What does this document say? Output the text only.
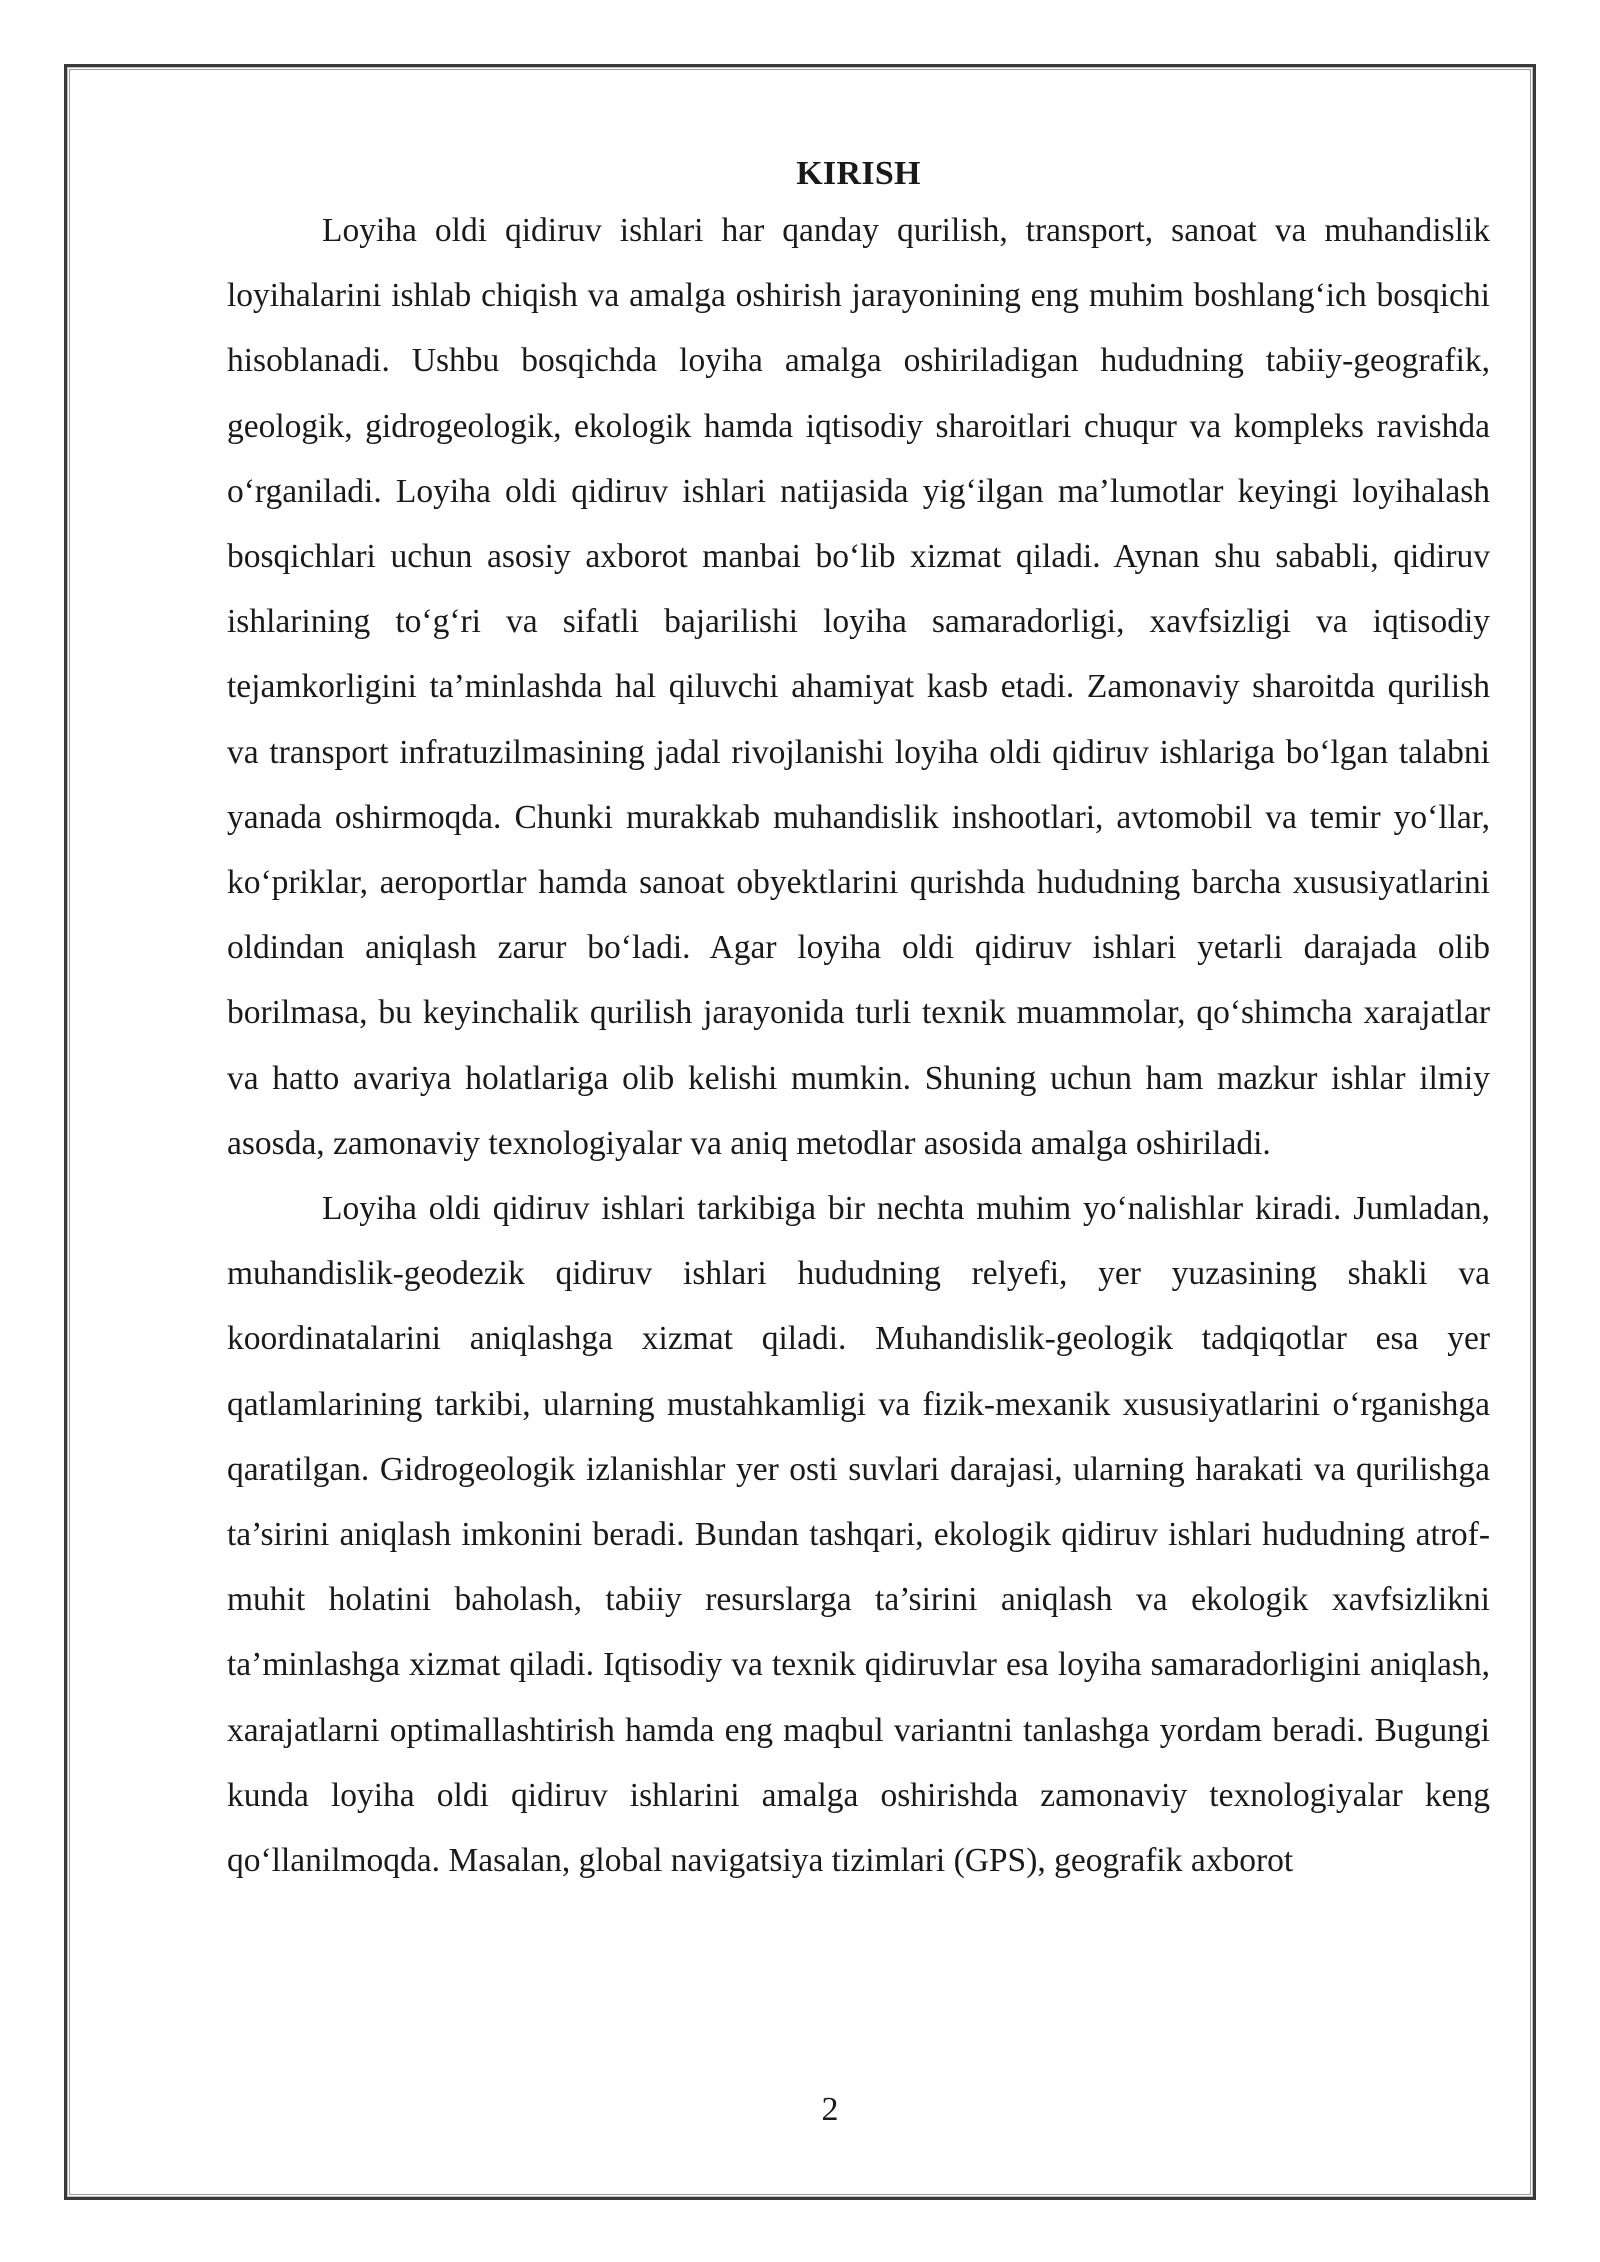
KIRISH

Loyiha oldi qidiruv ishlari har qanday qurilish, transport, sanoat va muhandislik loyihalarini ishlab chiqish va amalga oshirish jarayonining eng muhim boshlang‘ich bosqichi hisoblanadi. Ushbu bosqichda loyiha amalga oshiriladigan hududning tabiiy-geografik, geologik, gidrogeologik, ekologik hamda iqtisodiy sharoitlari chuqur va kompleks ravishda o‘rganiladi. Loyiha oldi qidiruv ishlari natijasida yig‘ilgan ma’lumotlar keyingi loyihalash bosqichlari uchun asosiy axborot manbai bo‘lib xizmat qiladi. Aynan shu sababli, qidiruv ishlarining to‘g‘ri va sifatli bajarilishi loyiha samaradorligi, xavfsizligi va iqtisodiy tejamkorligini ta’minlashda hal qiluvchi ahamiyat kasb etadi. Zamonaviy sharoitda qurilish va transport infratuzilmasining jadal rivojlanishi loyiha oldi qidiruv ishlariga bo‘lgan talabni yanada oshirmoqda. Chunki murakkab muhandislik inshootlari, avtomobil va temir yo‘llar, ko‘priklar, aeroportlar hamda sanoat obyektlarini qurishda hududning barcha xususiyatlarini oldindan aniqlash zarur bo‘ladi. Agar loyiha oldi qidiruv ishlari yetarli darajada olib borilmasa, bu keyinchalik qurilish jarayonida turli texnik muammolar, qo‘shimcha xarajatlar va hatto avariya holatlariga olib kelishi mumkin. Shuning uchun ham mazkur ishlar ilmiy asosda, zamonaviy texnologiyalar va aniq metodlar asosida amalga oshiriladi.

Loyiha oldi qidiruv ishlari tarkibiga bir nechta muhim yo‘nalishlar kiradi. Jumladan, muhandislik-geodezik qidiruv ishlari hududning relyefi, yer yuzasining shakli va koordinatalarini aniqlashga xizmat qiladi. Muhandislik-geologik tadqiqotlar esa yer qatlamlarining tarkibi, ularning mustahkamligi va fizik-mexanik xususiyatlarini o‘rganishga qaratilgan. Gidrogeologik izlanishlar yer osti suvlari darajasi, ularning harakati va qurilishga ta’sirini aniqlash imkonini beradi. Bundan tashqari, ekologik qidiruv ishlari hududning atrof-muhit holatini baholash, tabiiy resurslarga ta’sirini aniqlash va ekologik xavfsizlikni ta’minlashga xizmat qiladi. Iqtisodiy va texnik qidiruvlar esa loyiha samaradorligini aniqlash, xarajatlarni optimallashtirish hamda eng maqbul variantni tanlashga yordam beradi. Bugungi kunda loyiha oldi qidiruv ishlarini amalga oshirishda zamonaviy texnologiyalar keng qo‘llanilmoqda. Masalan, global navigatsiya tizimlari (GPS), geografik axborot

2
